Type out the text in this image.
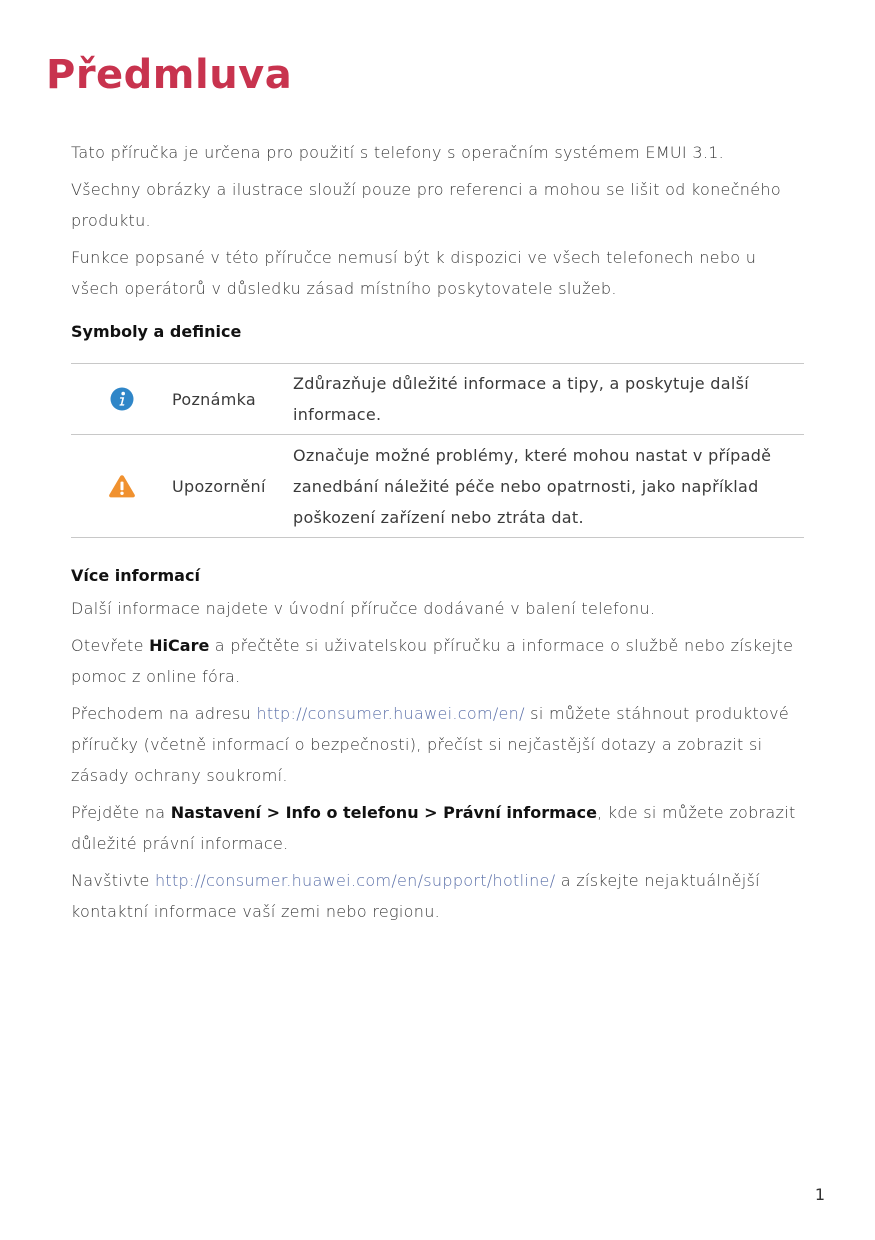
Předmluva

Tato příručka je určena pro použití s telefony s operačním systémem EMUI 3.1.

Všechny obrázky a ilustrace slouží pouze pro referenci a mohou se lišit od konečného produktu.

Funkce popsané v této příručce nemusí být k dispozici ve všech telefonech nebo u všech operátorů v důsledku zásad místního poskytovatele služeb.

Symboly a definice
Poznámka
Zdůrazňuje důležité informace a tipy, a poskytuje další informace.
Upozornění
Označuje možné problémy, které mohou nastat v případě zanedbání náležité péče nebo opatrnosti, jako například poškození zařízení nebo ztráta dat.
Více informací

Další informace najdete v úvodní příručce dodávané v balení telefonu.

Otevřete HiCare a přečtěte si uživatelskou příručku a informace o službě nebo získejte pomoc z online fóra.

Přechodem na adresu http://consumer.huawei.com/en/ si můžete stáhnout produktové příručky (včetně informací o bezpečnosti), přečíst si nejčastější dotazy a zobrazit si zásady ochrany soukromí.

Přejděte na Nastavení > Info o telefonu > Právní informace, kde si můžete zobrazit důležité právní informace.

Navštivte http://consumer.huawei.com/en/support/hotline/ a získejte nejaktuálnější kontaktní informace vaší zemi nebo regionu.

1
